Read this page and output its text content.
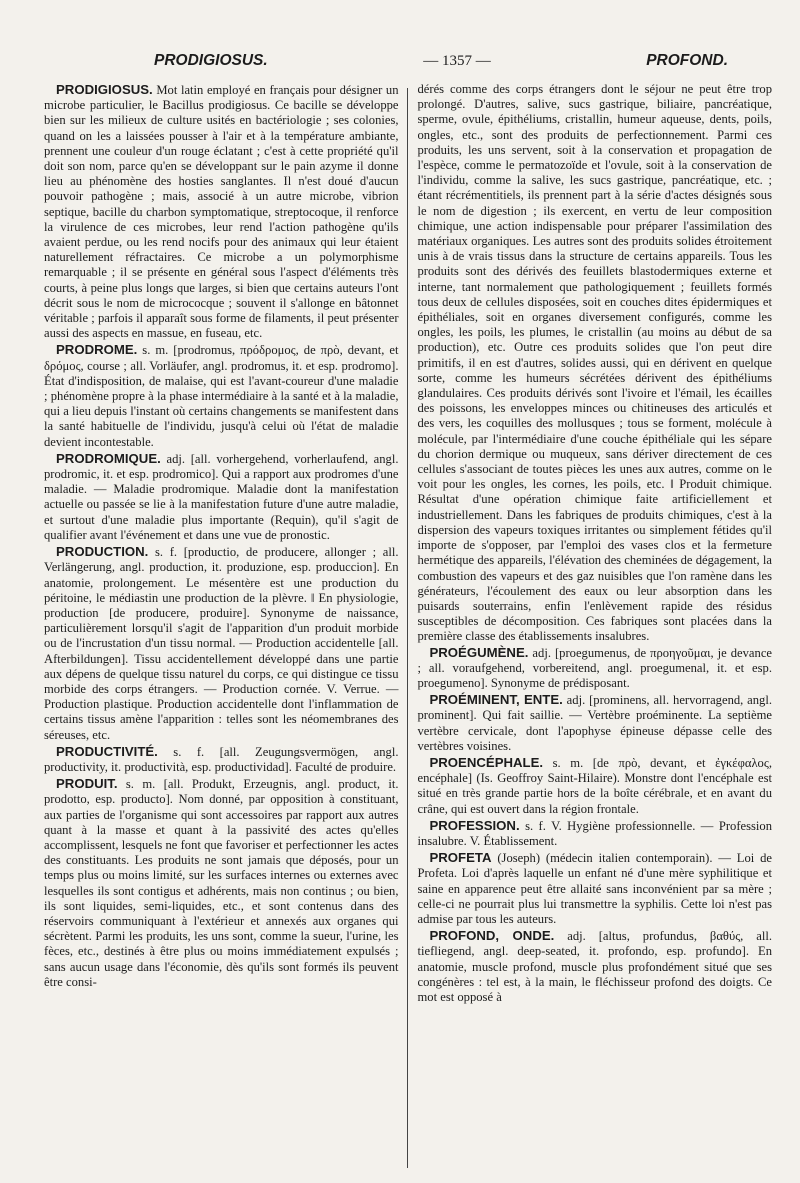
PRODIGIOSUS.	— 1357 —	PROFOND.

PRODIGIOSUS. Mot latin employé en français pour désigner un microbe particulier, le Bacillus prodigiosus. Ce bacille se développe bien sur les milieux de culture usités en bactériologie ; ses colonies, quand on les a laissées pousser à l'air et à la température ambiante, prennent une couleur d'un rouge éclatant ; c'est à cette propriété qu'il doit son nom, parce qu'en se développant sur le pain azyme il donne lieu au phénomène des hosties sanglantes. Il n'est doué d'aucun pouvoir pathogène ; mais, associé à un autre microbe, vibrion septique, bacille du charbon symptomatique, streptocoque, il renforce la virulence de ces microbes, leur rend l'action pathogène qu'ils avaient perdue, ou les rend nocifs pour des animaux qui leur étaient naturellement réfractaires. Ce microbe a un polymorphisme remarquable ; il se présente en général sous l'aspect d'éléments très courts, à peine plus longs que larges, si bien que certains auteurs l'ont décrit sous le nom de micrococque ; souvent il s'allonge en bâtonnet véritable ; parfois il apparaît sous forme de filaments, il peut présenter aussi des aspects en massue, en fuseau, etc.

PRODROME. s. m. [prodromus, πρόδρομος, de πρὸ, devant, et δρόμος, course ; all. Vorläufer, angl. prodromus, it. et esp. prodromo]. État d'indisposition, de malaise, qui est l'avant-coureur d'une maladie ; phénomène propre à la phase intermédiaire à la santé et à la maladie, qui a lieu depuis l'instant où certains changements se manifestent dans la santé habituelle de l'individu, jusqu'à celui où l'état de maladie devient incontestable.

PRODROMIQUE. adj. [all. vorhergehend, vorherlaufend, angl. prodromic, it. et esp. prodromico]. Qui a rapport aux prodromes d'une maladie. — Maladie prodromique. Maladie dont la manifestation actuelle ou passée se lie à la manifestation future d'une autre maladie, et surtout d'une maladie plus importante (Requin), qu'il s'agit de qualifier avant l'événement et dans une vue de pronostic.

PRODUCTION. s. f. [productio, de producere, allonger ; all. Verlängerung, angl. production, it. produzione, esp. produccion]. En anatomie, prolongement. Le mésentère est une production du péritoine, le médiastin une production de la plèvre. ‖ En physiologie, production [de producere, produire]. Synonyme de naissance, particulièrement lorsqu'il s'agit de l'apparition d'un produit morbide ou de l'incrustation d'un tissu normal. — Production accidentelle [all. Afterbildungen]. Tissu accidentellement développé dans une partie aux dépens de quelque tissu naturel du corps, ce qui distingue ce tissu morbide des corps étrangers. — Production cornée. V. Verrue. — Production plastique. Production accidentelle dont l'inflammation de certains tissus amène l'apparition : telles sont les néomembranes des séreuses, etc.

PRODUCTIVITÉ. s. f. [all. Zeugungsvermögen, angl. productivity, it. productività, esp. productividad]. Faculté de produire.

PRODUIT. s. m. [all. Produkt, Erzeugnis, angl. product, it. prodotto, esp. producto]. Nom donné, par opposition à constituant, aux parties de l'organisme qui sont accessoires par rapport aux autres quant à la masse et quant à la passivité des actes qu'elles accomplissent, lesquels ne font que favoriser et perfectionner les actes des constituants. Les produits ne sont jamais que déposés, pour un temps plus ou moins limité, sur les surfaces internes ou externes avec lesquelles ils sont contigus et adhérents, mais non continus ; ou bien, ils sont liquides, semi-liquides, etc., et sont contenus dans des réservoirs communiquant à l'extérieur et annexés aux organes qui sécrètent. Parmi les produits, les uns sont, comme la sueur, l'urine, les fèces, etc., destinés à être plus ou moins immédiatement expulsés ; sans aucun usage dans l'économie, dès qu'ils sont formés ils peuvent être consi-

dérés comme des corps étrangers dont le séjour ne peut être trop prolongé. D'autres, salive, sucs gastrique, biliaire, pancréatique, sperme, ovule, épithéliums, cristallin, humeur aqueuse, dents, poils, ongles, etc., sont des produits de perfectionnement. Parmi ces produits, les uns servent, soit à la conservation et propagation de l'espèce, comme le permatozoïde et l'ovule, soit à la conservation de l'individu, comme la salive, les sucs gastrique, pancréatique, etc. ; étant récrémentitiels, ils prennent part à la série d'actes désignés sous le nom de digestion ; ils exercent, en vertu de leur composition chimique, une action indispensable pour préparer l'assimilation des matériaux organiques. Les autres sont des produits solides étroitement unis à de vrais tissus dans la structure de certains appareils. Tous les produits sont des dérivés des feuillets blastodermiques externe et interne, tant normalement que pathologiquement ; feuillets formés tous deux de cellules disposées, soit en couches dites épidermiques et épithéliales, soit en organes diversement configurés, comme les ongles, les poils, les plumes, le cristallin (au moins au début de sa production), etc. Outre ces produits solides que l'on peut dire primitifs, il en est d'autres, solides aussi, qui en dérivent en quelque sorte, comme les humeurs sécrétées dérivent des épithéliums glandulaires. Ces produits dérivés sont l'ivoire et l'émail, les écailles des poissons, les enveloppes minces ou chitineuses des articulés et des vers, les coquilles des mollusques ; tous se forment, molécule à molécule, par l'intermédiaire d'une couche épithéliale qui les sépare du chorion dermique ou muqueux, sans dériver directement de ces cellules s'associant de toutes pièces les unes aux autres, comme on le voit pour les ongles, les cornes, les poils, etc. ‖ Produit chimique. Résultat d'une opération chimique faite artificiellement et industriellement. Dans les fabriques de produits chimiques, c'est à la dispersion des vapeurs toxiques irritantes ou simplement fétides qu'il importe de s'opposer, par l'emploi des vases clos et la fermeture hermétique des appareils, l'élévation des cheminées de dégagement, la combustion des vapeurs et des gaz nuisibles que l'on ramène dans les générateurs, l'écoulement des eaux ou leur absorption dans les puisards souterrains, enfin l'enlèvement rapide des résidus susceptibles de décomposition. Ces fabriques sont placées dans la première classe des établissements insalubres.

PROÉGUMÈNE. adj. [proegumenus, de προηγοῦμαι, je devance ; all. voraufgehend, vorbereitend, angl. proegumenal, it. et esp. proegumeno]. Synonyme de prédisposant.

PROÉMINENT, ENTE. adj. [prominens, all. hervorragend, angl. prominent]. Qui fait saillie. — Vertèbre proéminente. La septième vertèbre cervicale, dont l'apophyse épineuse dépasse celle des vertèbres voisines.

PROENCÉPHALE. s. m. [de πρὸ, devant, et ἐγκέφαλος, encéphale] (Is. Geoffroy Saint-Hilaire). Monstre dont l'encéphale est situé en très grande partie hors de la boîte cérébrale, et en avant du crâne, qui est ouvert dans la région frontale.

PROFESSION. s. f. V. Hygiène professionnelle. — Profession insalubre. V. Établissement.

PROFETA (Joseph) (médecin italien contemporain). — Loi de Profeta. Loi d'après laquelle un enfant né d'une mère syphilitique et saine en apparence peut être allaité sans inconvénient par sa mère ; celle-ci ne pourrait plus lui transmettre la syphilis. Cette loi n'est pas admise par tous les auteurs.

PROFOND, ONDE. adj. [altus, profundus, βαθύς, all. tiefliegend, angl. deep-seated, it. profondo, esp. profundo]. En anatomie, muscle profond, muscle plus profondément situé que ses congénères : tel est, à la main, le fléchisseur profond des doigts. Ce mot est opposé à
